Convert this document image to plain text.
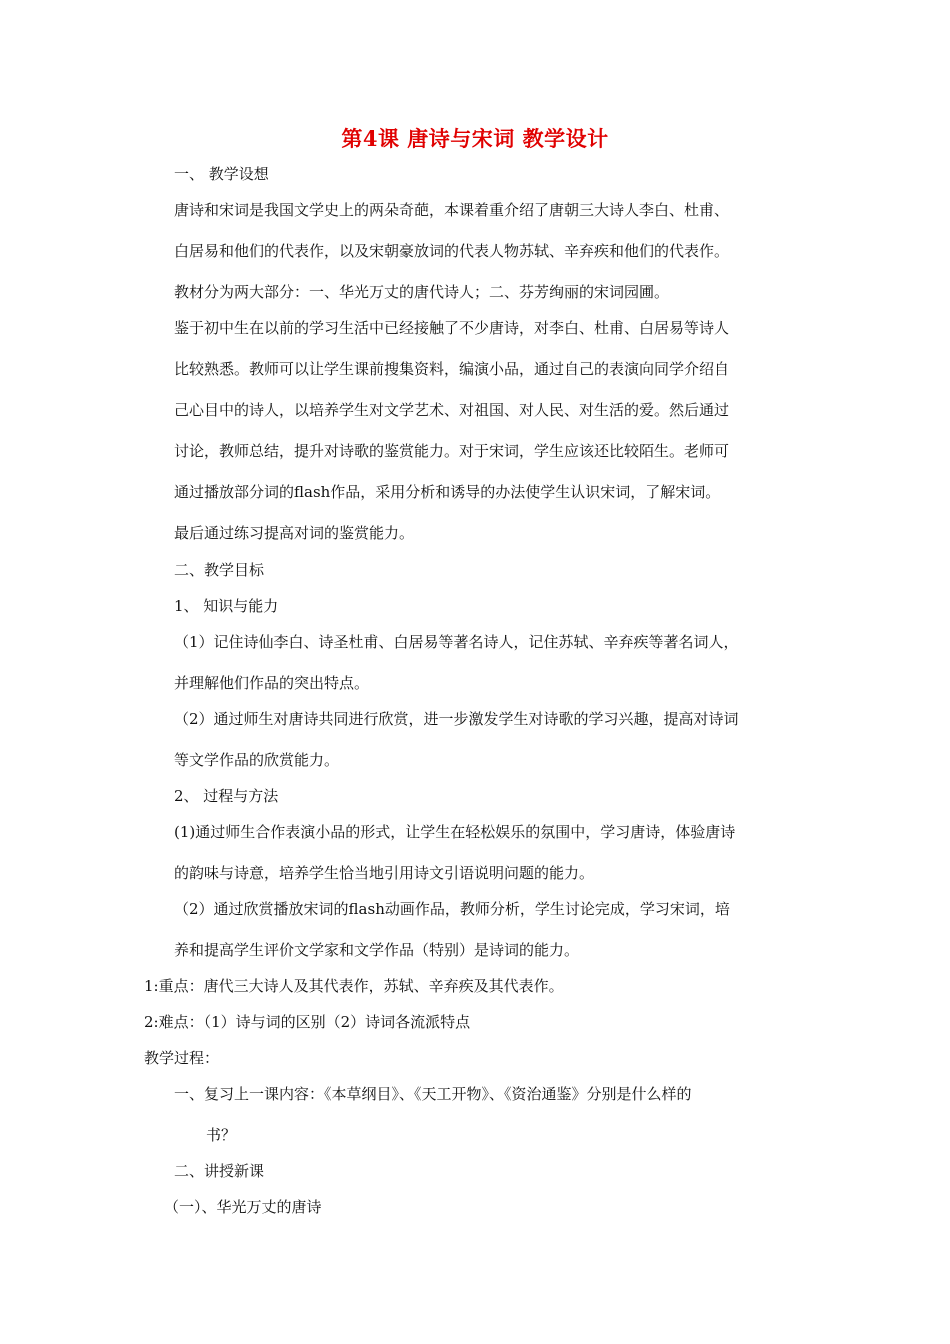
第4课 唐诗与宋词 教学设计
一、 教学设想
唐诗和宋词是我国文学史上的两朵奇葩，本课着重介绍了唐朝三大诗人李白、杜甫、
白居易和他们的代表作，以及宋朝豪放词的代表人物苏轼、辛弃疾和他们的代表作。
教材分为两大部分：一、华光万丈的唐代诗人；二、芬芳绚丽的宋词园圃。
鉴于初中生在以前的学习生活中已经接触了不少唐诗，对李白、杜甫、白居易等诗人
比较熟悉。教师可以让学生课前搜集资料，编演小品，通过自己的表演向同学介绍自
己心目中的诗人，以培养学生对文学艺术、对祖国、对人民、对生活的爱。然后通过
讨论，教师总结，提升对诗歌的鉴赏能力。对于宋词，学生应该还比较陌生。老师可
通过播放部分词的flash作品，采用分析和诱导的办法使学生认识宋词，了解宋词。
最后通过练习提高对词的鉴赏能力。
二、教学目标
1、 知识与能力
（1）记住诗仙李白、诗圣杜甫、白居易等著名诗人，记住苏轼、辛弃疾等著名词人，
并理解他们作品的突出特点。
（2）通过师生对唐诗共同进行欣赏，进一步激发学生对诗歌的学习兴趣，提高对诗词
等文学作品的欣赏能力。
2、 过程与方法
(1)通过师生合作表演小品的形式，让学生在轻松娱乐的氛围中，学习唐诗，体验唐诗
的韵味与诗意，培养学生恰当地引用诗文引语说明问题的能力。
（2）通过欣赏播放宋词的flash动画作品，教师分析，学生讨论完成，学习宋词，培
养和提高学生评价文学家和文学作品（特别）是诗词的能力。
1:重点：唐代三大诗人及其代表作，苏轼、辛弃疾及其代表作。
2:难点：（1）诗与词的区别（2）诗词各流派特点
教学过程：
一、复习上一课内容：《本草纲目》、《天工开物》、《资治通鉴》分别是什么样的
书？
二、讲授新课
（一）、华光万丈的唐诗
